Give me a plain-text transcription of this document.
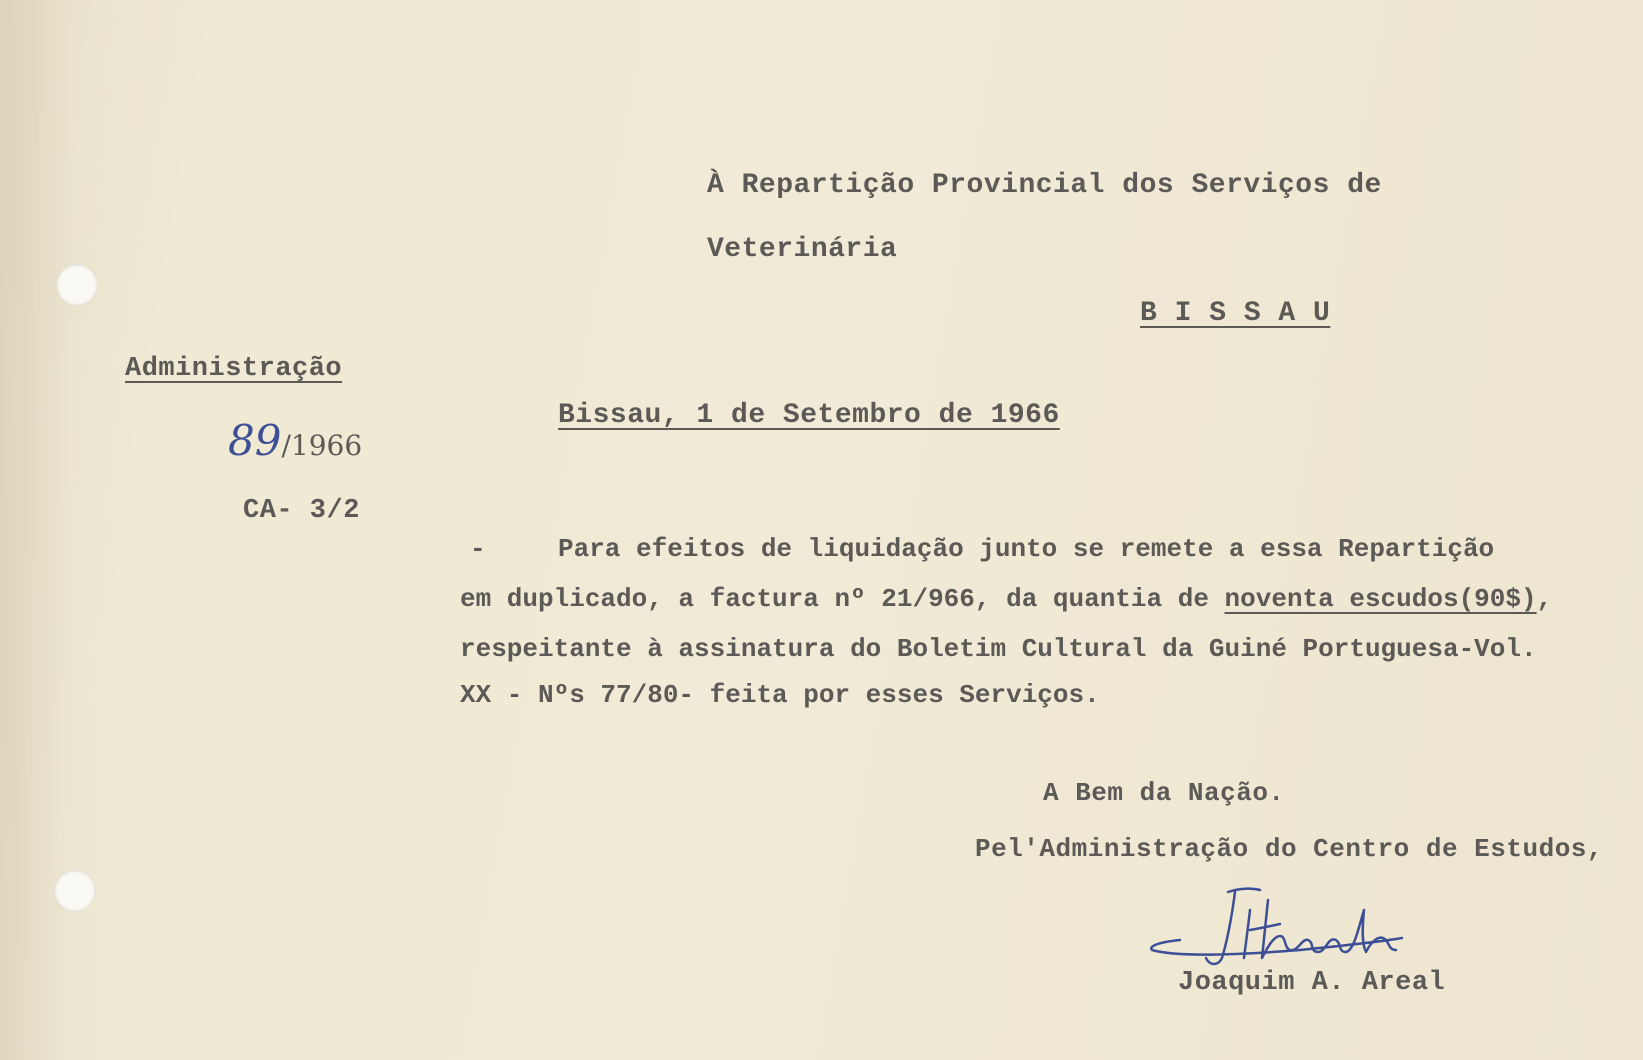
À Repartição Provincial dos Serviços de
Veterinária
B I S S A U
Administração
89/1966
CA- 3/2
Bissau, 1 de Setembro de 1966
-	Para efeitos de liquidação junto se remete a essa Repartição
em duplicado, a factura nº 21/966, da quantia de noventa escudos(90$),
respeitante à assinatura do Boletim Cultural da Guiné Portuguesa-Vol.
XX - Nºs 77/80- feita por esses Serviços.
A Bem da Nação.
Pel'Administração do Centro de Estudos,
Joaquim A. Areal
